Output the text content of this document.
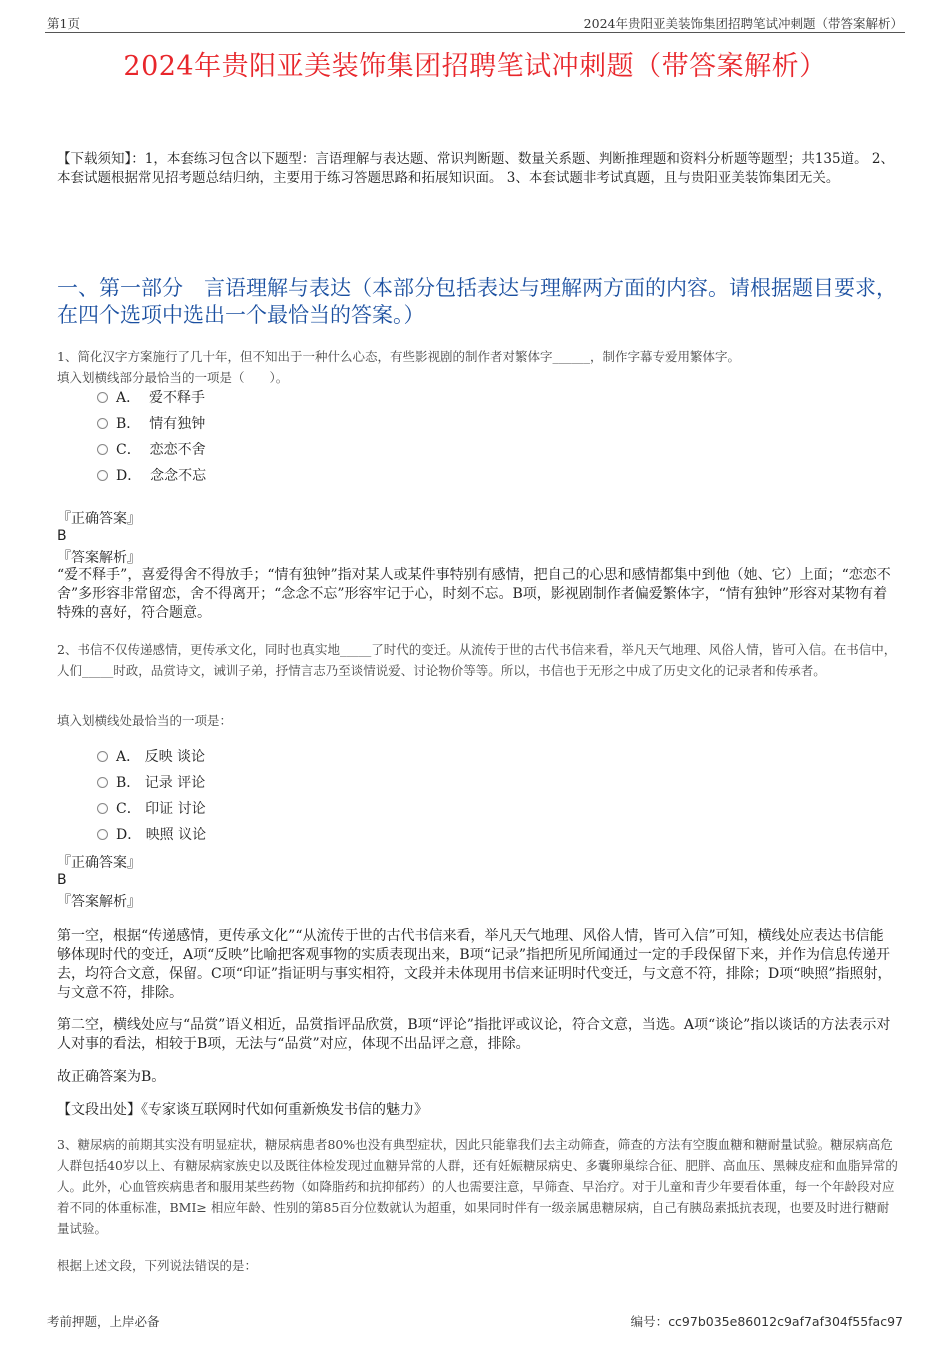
第1页	2024年贵阳亚美装饰集团招聘笔试冲刺题（带答案解析）
2024年贵阳亚美装饰集团招聘笔试冲刺题（带答案解析）
【下载须知】：1，本套练习包含以下题型：言语理解与表达题、常识判断题、数量关系题、判断推理题和资料分析题等题型；共135道。 2、本套试题根据常见招考题总结归纳，主要用于练习答题思路和拓展知识面。 3、本套试题非考试真题，且与贵阳亚美装饰集团无关。
一、第一部分　言语理解与表达（本部分包括表达与理解两方面的内容。请根据题目要求，在四个选项中选出一个最恰当的答案。）
1、简化汉字方案施行了几十年，但不知出于一种什么心态，有些影视剧的制作者对繁体字______，制作字幕专爱用繁体字。
填入划横线部分最恰当的一项是（　　）。
A． 爱不释手
B． 情有独钟
C． 恋恋不舍
D． 念念不忘
『正确答案』
B
『答案解析』
“爱不释手”，喜爱得舍不得放手；“情有独钟”指对某人或某件事特别有感情，把自己的心思和感情都集中到他（她、它）上面；“恋恋不舍”多形容非常留恋，舍不得离开；“念念不忘”形容牢记于心，时刻不忘。B项，影视剧制作者偏爱繁体字，“情有独钟”形容对某物有着特殊的喜好，符合题意。
2、书信不仅传递感情，更传承文化，同时也真实地_____了时代的变迁。从流传于世的古代书信来看，举凡天气地理、风俗人情，皆可入信。在书信中，人们_____时政，品赏诗文，诫训子弟，抒情言志乃至谈情说爱、讨论物价等等。所以，书信也于无形之中成了历史文化的记录者和传承者。
填入划横线处最恰当的一项是：
A． 反映 谈论
B． 记录 评论
C． 印证 讨论
D． 映照 议论
『正确答案』
B
『答案解析』
第一空，根据“传递感情，更传承文化”“从流传于世的古代书信来看，举凡天气地理、风俗人情，皆可入信”可知，横线处应表达书信能够体现时代的变迁，A项“反映”比喻把客观事物的实质表现出来，B项“记录”指把所见所闻通过一定的手段保留下来，并作为信息传递开去，均符合文意，保留。C项“印证”指证明与事实相符，文段并未体现用书信来证明时代变迁，与文意不符，排除；D项“映照”指照射，与文意不符，排除。
第二空，横线处应与“品赏”语义相近，品赏指评品欣赏，B项“评论”指批评或议论，符合文意，当选。A项“谈论”指以谈话的方法表示对人对事的看法，相较于B项，无法与“品赏”对应，体现不出品评之意，排除。
故正确答案为B。
【文段出处】《专家谈互联网时代如何重新焕发书信的魅力》
3、糖尿病的前期其实没有明显症状，糖尿病患者80%也没有典型症状，因此只能靠我们去主动筛查，筛查的方法有空腹血糖和糖耐量试验。糖尿病高危人群包括40岁以上、有糖尿病家族史以及既往体检发现过血糖异常的人群，还有妊娠糖尿病史、多囊卵巢综合征、肥胖、高血压、黑棘皮症和血脂异常的人。此外，心血管疾病患者和服用某些药物（如降脂药和抗抑郁药）的人也需要注意，早筛查、早治疗。对于儿童和青少年要看体重，每一个年龄段对应着不同的体重标准，BMI≥ 相应年龄、性别的第85百分位数就认为超重，如果同时伴有一级亲属患糖尿病，自己有胰岛素抵抗表现，也要及时进行糖耐量试验。
根据上述文段，下列说法错误的是：
考前押题，上岸必备	编号：cc97b035e86012c9af7af304f55fac97
